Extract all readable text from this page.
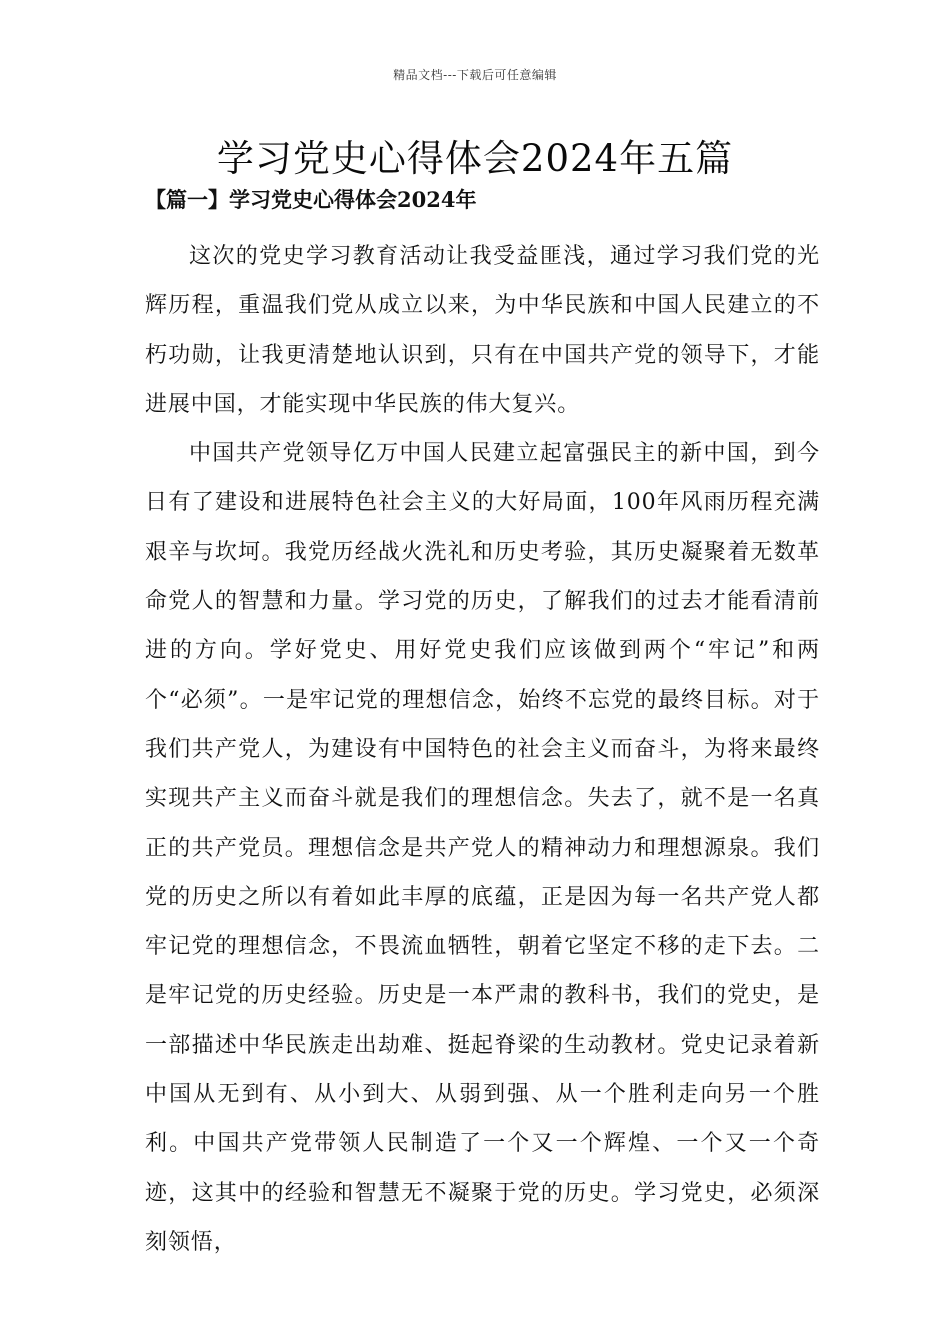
精品文档---下载后可任意编辑
学习党史心得体会2024年五篇
【篇一】学习党史心得体会2024年

这次的党史学习教育活动让我受益匪浅，通过学习我们党的光辉历程，重温我们党从成立以来，为中华民族和中国人民建立的不朽功勋，让我更清楚地认识到，只有在中国共产党的领导下，才能进展中国，才能实现中华民族的伟大复兴。

中国共产党领导亿万中国人民建立起富强民主的新中国，到今日有了建设和进展特色社会主义的大好局面，100年风雨历程充满艰辛与坎坷。我党历经战火洗礼和历史考验，其历史凝聚着无数革命党人的智慧和力量。学习党的历史，了解我们的过去才能看清前进的方向。学好党史、用好党史我们应该做到两个“牢记”和两个“必须”。一是牢记党的理想信念，始终不忘党的最终目标。对于我们共产党人，为建设有中国特色的社会主义而奋斗，为将来最终实现共产主义而奋斗就是我们的理想信念。失去了，就不是一名真正的共产党员。理想信念是共产党人的精神动力和理想源泉。我们党的历史之所以有着如此丰厚的底蕴，正是因为每一名共产党人都牢记党的理想信念，不畏流血牺牲，朝着它坚定不移的走下去。二是牢记党的历史经验。历史是一本严肃的教科书，我们的党史，是一部描述中华民族走出劫难、挺起脊梁的生动教材。党史记录着新中国从无到有、从小到大、从弱到强、从一个胜利走向另一个胜利。中国共产党带领人民制造了一个又一个辉煌、一个又一个奇迹，这其中的经验和智慧无不凝聚于党的历史。学习党史，必须深刻领悟，
